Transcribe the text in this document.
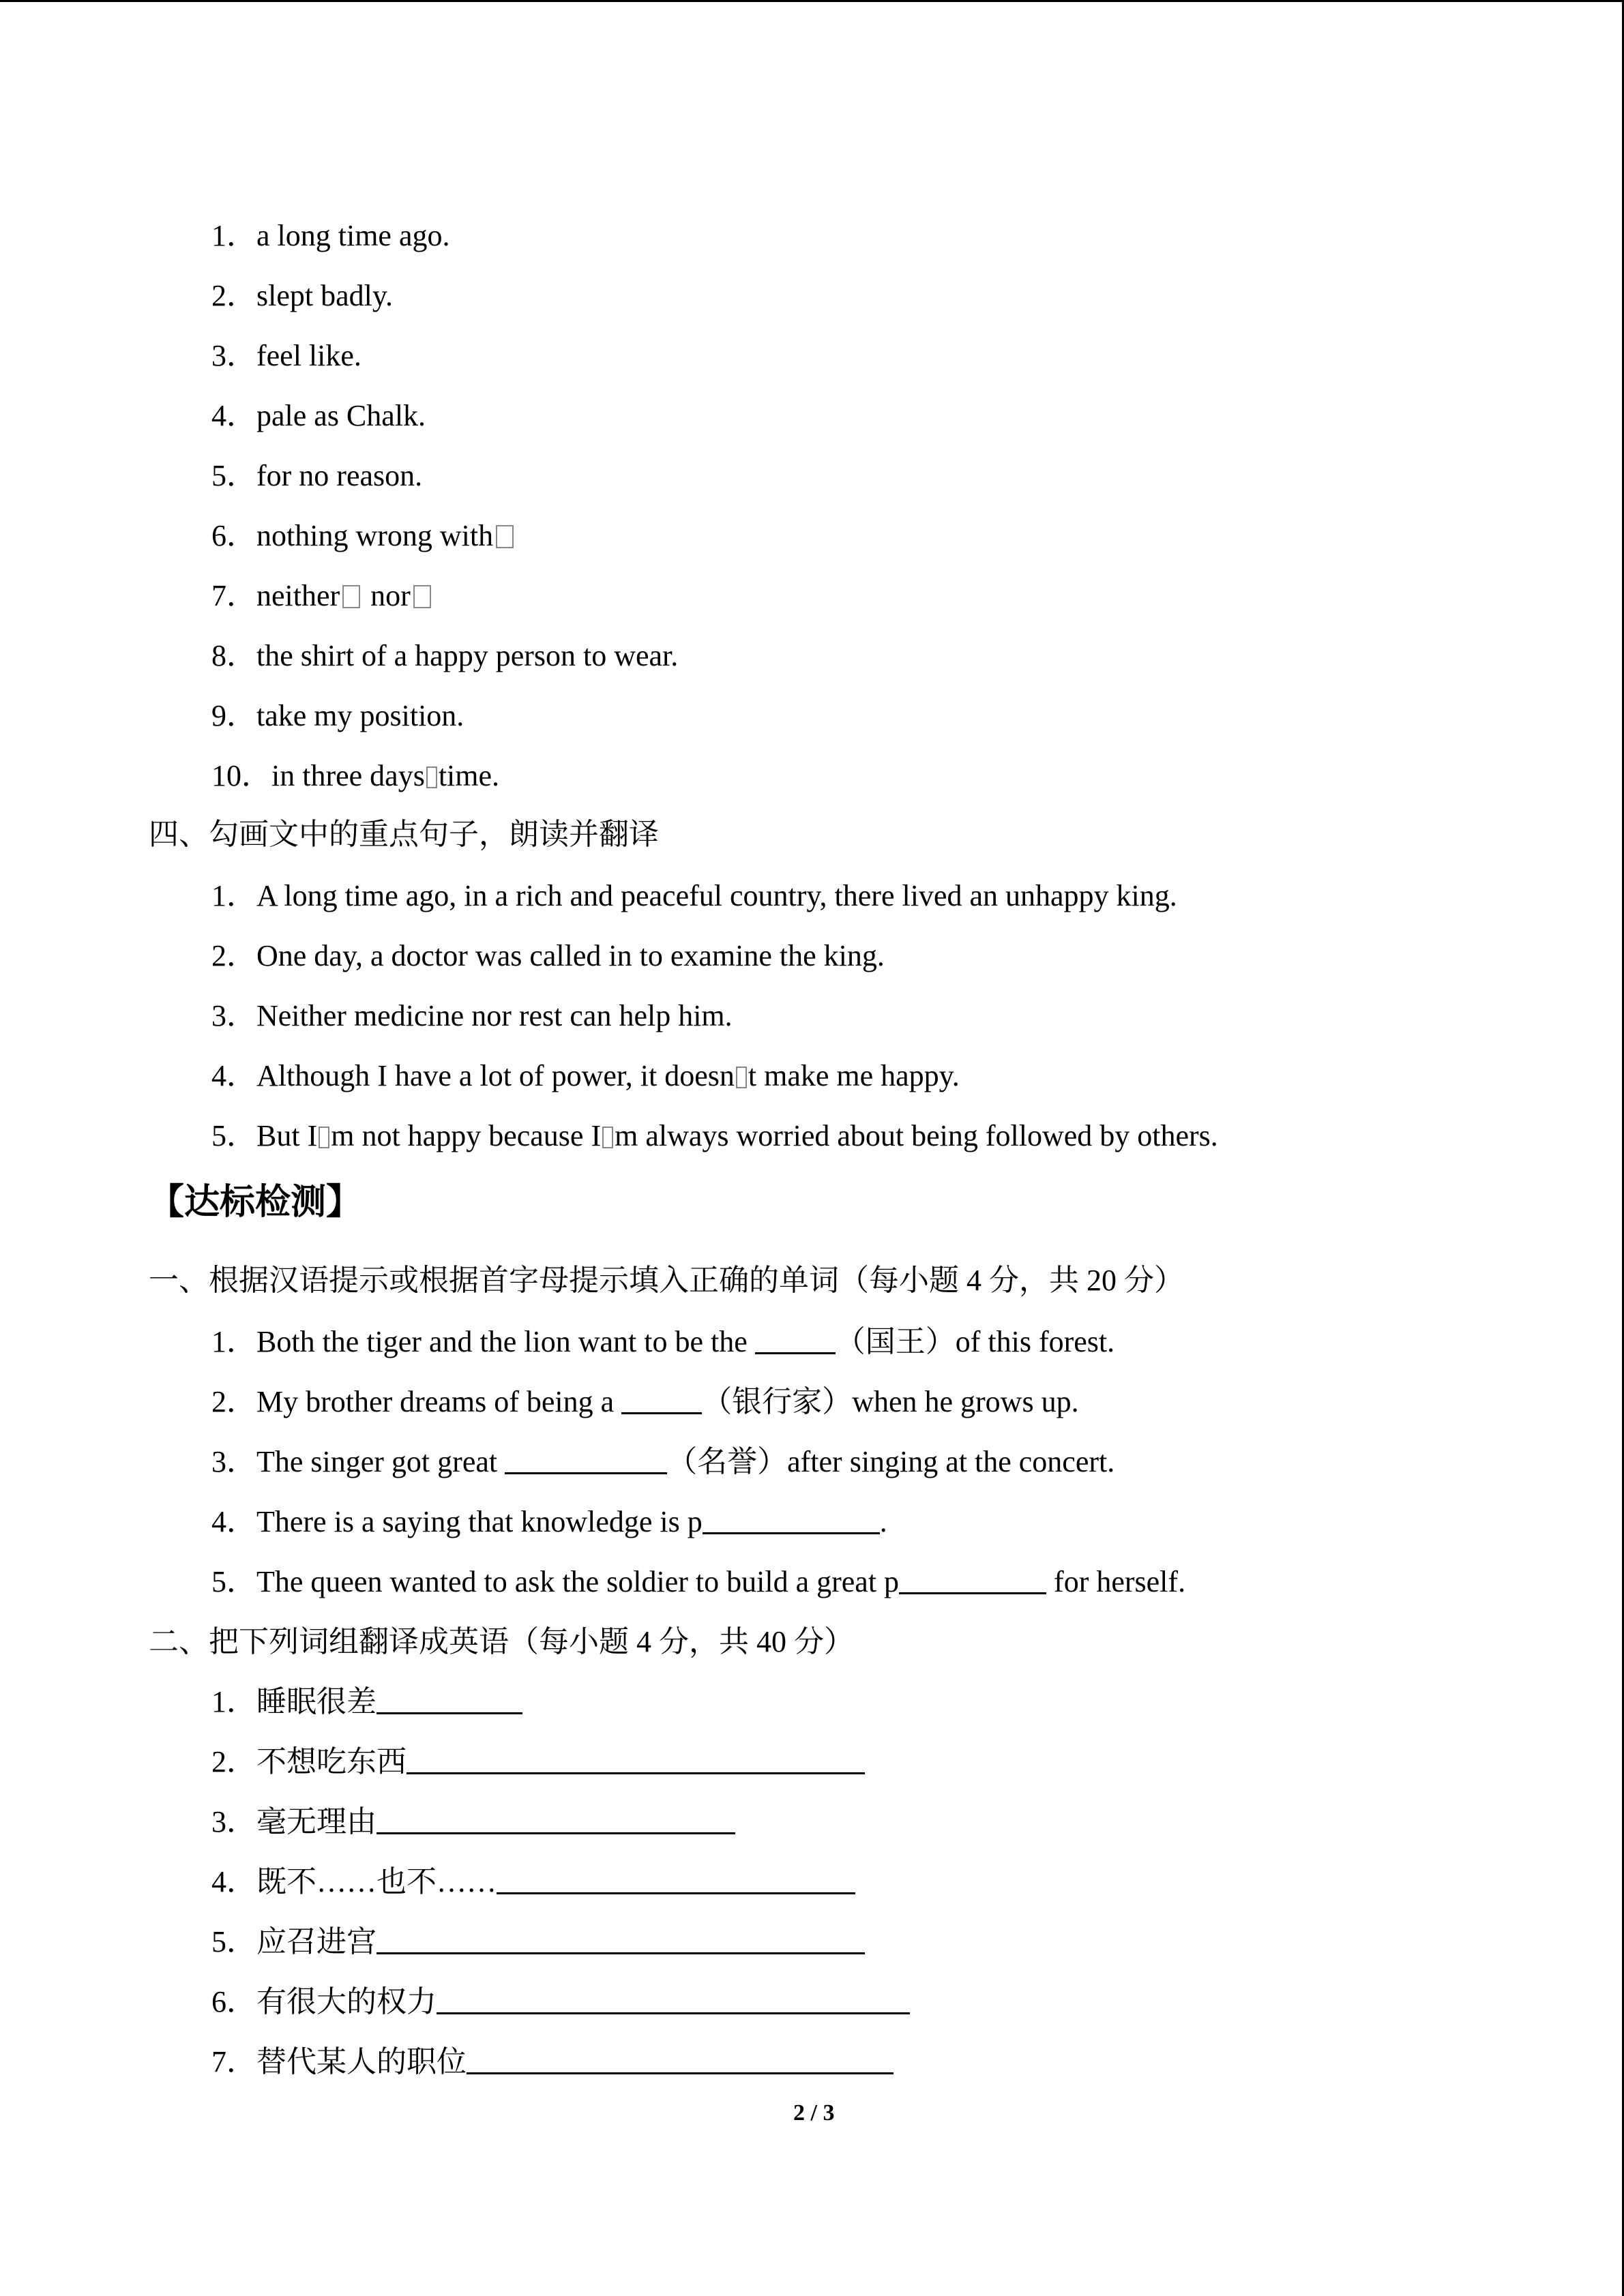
1．a long time ago.
2．slept badly.
3．feel like.
4．pale as Chalk.
5．for no reason.
6．nothing wrong with
7．neither nor
8．the shirt of a happy person to wear.
9．take my position.
10．in three days time.
四、勾画文中的重点句子，朗读并翻译
1．A long time ago, in a rich and peaceful country, there lived an unhappy king.
2．One day, a doctor was called in to examine the king.
3．Neither medicine nor rest can help him.
4．Although I have a lot of power, it doesn t make me happy.
5．But I m not happy because I m always worried about being followed by others.
【达标检测】
一、根据汉语提示或根据首字母提示填入正确的单词（每小题 4 分，共 20 分）
1．Both the tiger and the lion want to be the	（国王）of this forest.
2．My brother dreams of being a	（银行家）when he grows up.
3．The singer got great	（名誉）after singing at the concert.
4．There is a saying that knowledge is p	.
5．The queen wanted to ask the soldier to build a great p	for herself.
二、把下列词组翻译成英语（每小题 4 分，共 40 分）
1．睡眠很差
2．不想吃东西
3．毫无理由
4．既不……也不……
5．应召进宫
6．有很大的权力
7．替代某人的职位
2 / 3
